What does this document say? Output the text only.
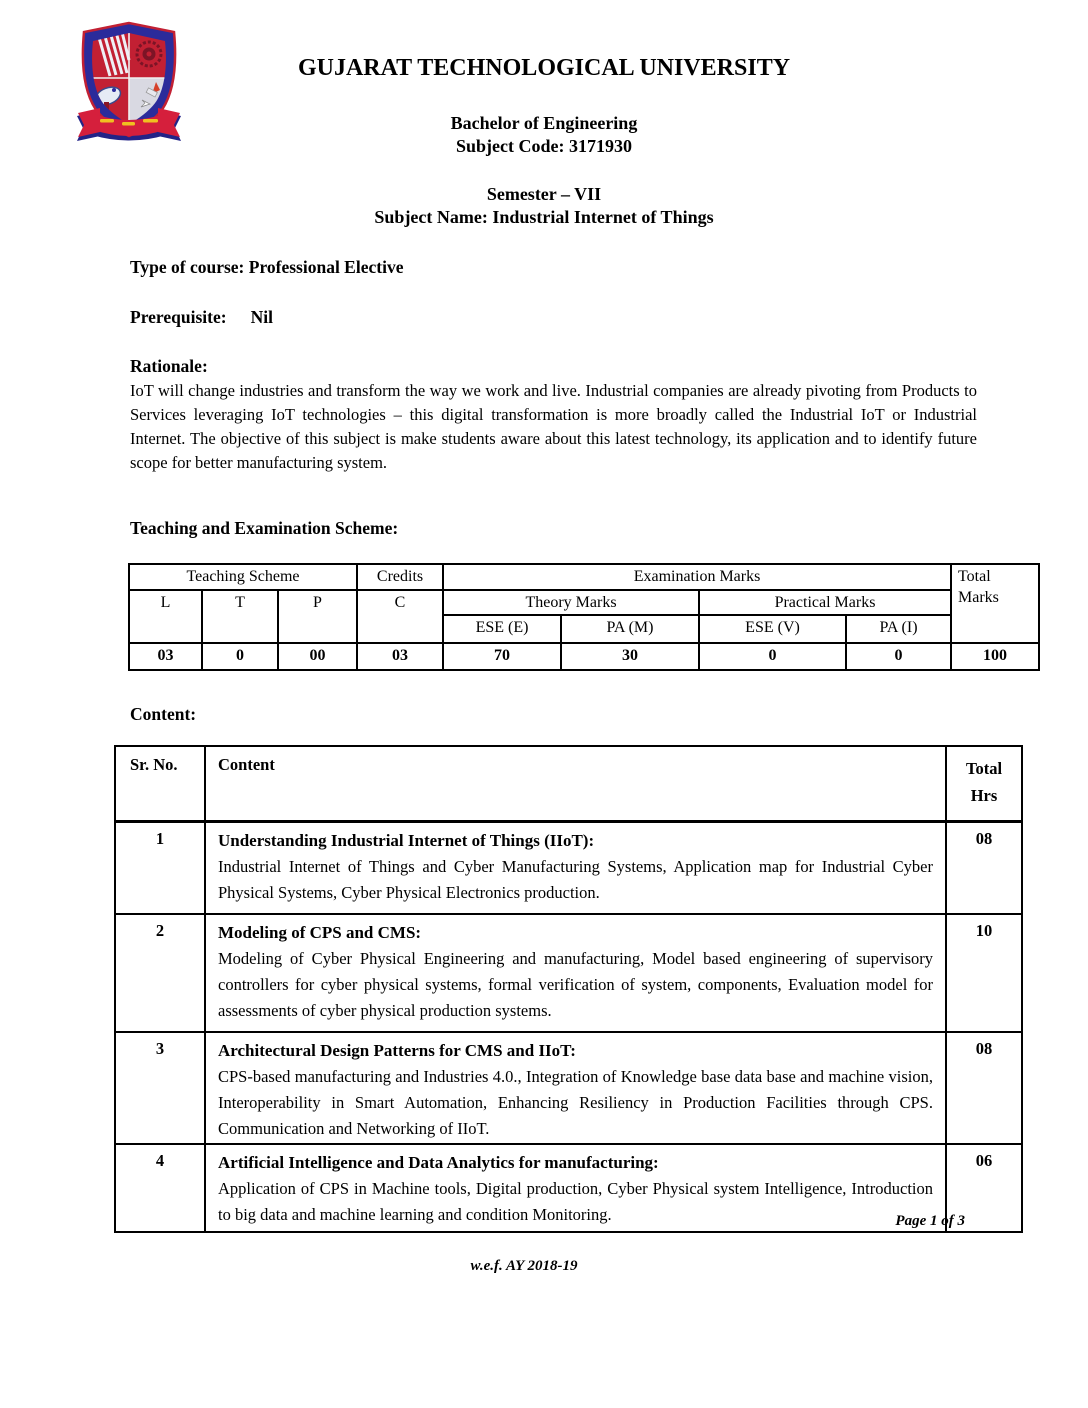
GUJARAT TECHNOLOGICAL UNIVERSITY
Bachelor of Engineering
Subject Code: 3171930
Semester – VII
Subject Name: Industrial Internet of Things
Type of course: Professional Elective
Prerequisite: Nil
Rationale:
IoT will change industries and transform the way we work and live. Industrial companies are already pivoting from Products to Services leveraging IoT technologies – this digital transformation is more broadly called the Industrial IoT or Industrial Internet. The objective of this subject is make students aware about this latest technology, its application and to identify future scope for better manufacturing system.
Teaching and Examination Scheme:
Teaching Scheme			Credits	Examination Marks				Total
Marks

L	T	P	C	Theory Marks		Practical Marks		
				ESE (E)	PA (M)	ESE (V)	PA (I)	
03	0	00	03	70	30	0	0	100
Content:
Sr. No.	Content	Total
Hrs

1	Understanding Industrial Internet of Things (IIoT):
Industrial Internet of Things and Cyber Manufacturing Systems, Application map for Industrial Cyber Physical Systems, Cyber Physical Electronics production.	08
2	Modeling of CPS and CMS:
Modeling of Cyber Physical Engineering and manufacturing, Model based engineering of supervisory controllers for cyber physical systems, formal verification of system, components, Evaluation model for assessments of cyber physical production systems.	10
3	Architectural Design Patterns for CMS and IIoT:
CPS-based manufacturing and Industries 4.0., Integration of Knowledge base data base and machine vision, Interoperability in Smart Automation, Enhancing Resiliency in Production Facilities through CPS. Communication and Networking of IIoT.	08
4	Artificial Intelligence and Data Analytics for manufacturing:
Application of CPS in Machine tools, Digital production, Cyber Physical system Intelligence, Introduction to big data and machine learning and condition Monitoring.	06
Page 1 of 3
w.e.f. AY 2018-19
